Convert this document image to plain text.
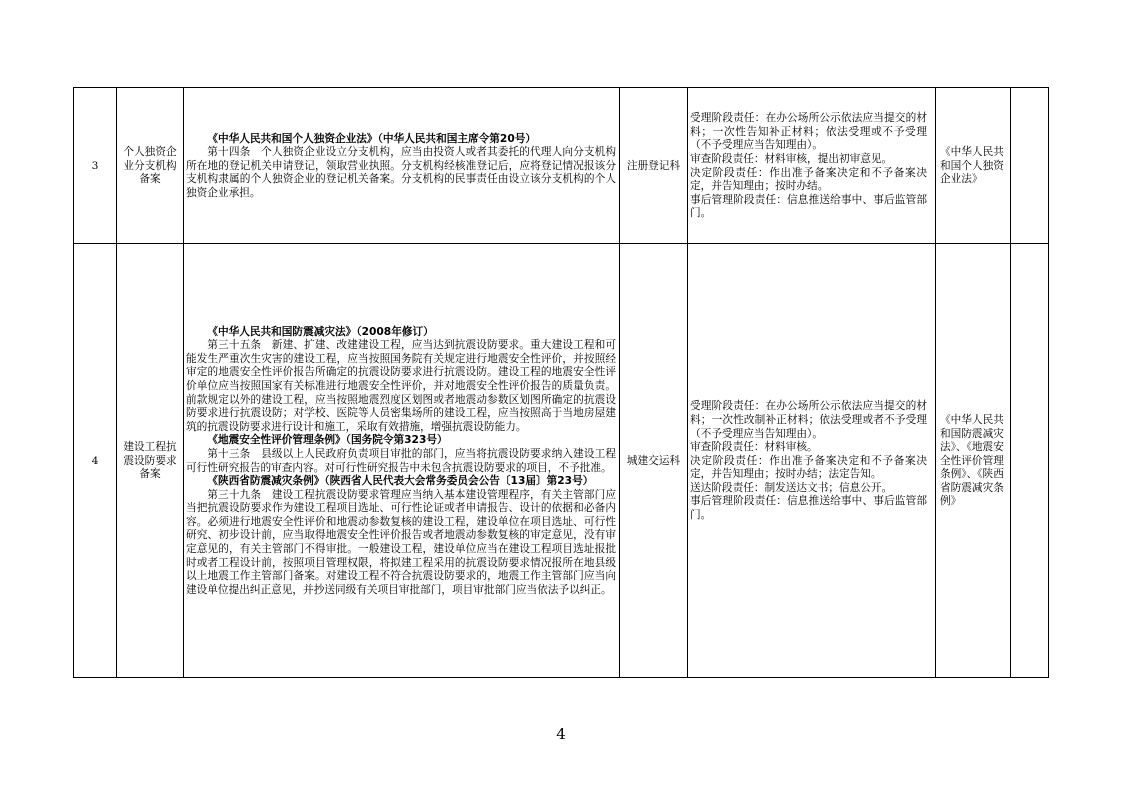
3
个人独资企业分支机构备案
《中华人民共和国个人独资企业法》（中华人民共和国主席令第20号）
第十四条　个人独资企业设立分支机构，应当由投资人或者其委托的代理人向分支机构所在地的登记机关申请登记，领取营业执照。分支机构经核准登记后，应将登记情况报该分支机构隶属的个人独资企业的登记机关备案。分支机构的民事责任由设立该分支机构的个人独资企业承担。
注册登记科
受理阶段责任：在办公场所公示依法应当提交的材料；一次性告知补正材料；依法受理或不予受理（不予受理应当告知理由）。
审查阶段责任：材料审核，提出初审意见。
决定阶段责任：作出准予备案决定和不予备案决定，并告知理由；按时办结。
事后管理阶段责任：信息推送给事中、事后监管部门。
《中华人民共和国个人独资企业法》
4
建设工程抗震设防要求备案
《中华人民共和国防震减灾法》（2008年修订）
第三十五条　新建、扩建、改建建设工程，应当达到抗震设防要求。重大建设工程和可能发生严重次生灾害的建设工程，应当按照国务院有关规定进行地震安全性评价，并按照经审定的地震安全性评价报告所确定的抗震设防要求进行抗震设防。建设工程的地震安全性评价单位应当按照国家有关标准进行地震安全性评价，并对地震安全性评价报告的质量负责。前款规定以外的建设工程，应当按照地震烈度区划图或者地震动参数区划图所确定的抗震设防要求进行抗震设防；对学校、医院等人员密集场所的建设工程，应当按照高于当地房屋建筑的抗震设防要求进行设计和施工，采取有效措施，增强抗震设防能力。
《地震安全性评价管理条例》（国务院令第323号）
第十三条　县级以上人民政府负责项目审批的部门，应当将抗震设防要求纳入建设工程可行性研究报告的审查内容。对可行性研究报告中未包含抗震设防要求的项目，不予批准。
《陕西省防震减灾条例》（陕西省人民代表大会常务委员会公告〔13届〕第23号）
第三十九条　建设工程抗震设防要求管理应当纳入基本建设管理程序，有关主管部门应当把抗震设防要求作为建设工程项目选址、可行性论证或者申请报告、设计的依据和必备内容。必须进行地震安全性评价和地震动参数复核的建设工程，建设单位在项目选址、可行性研究、初步设计前，应当取得地震安全性评价报告或者地震动参数复核的审定意见，没有审定意见的，有关主管部门不得审批。一般建设工程，建设单位应当在建设工程项目选址报批时或者工程设计前，按照项目管理权限，将拟建工程采用的抗震设防要求情况报所在地县级以上地震工作主管部门备案。对建设工程不符合抗震设防要求的，地震工作主管部门应当向建设单位提出纠正意见，并抄送同级有关项目审批部门，项目审批部门应当依法予以纠正。
城建交运科
受理阶段责任：在办公场所公示依法应当提交的材料；一次性改制补正材料；依法受理或者不予受理（不予受理应当告知理由）。
审查阶段责任：材料审核。
决定阶段责任：作出准予备案决定和不予备案决定，并告知理由；按时办结；法定告知。
送达阶段责任：制发送达文书；信息公开。
事后管理阶段责任：信息推送给事中、事后监管部门。
《中华人民共和国防震减灾法》、《地震安全性评价管理条例》、《陕西省防震减灾条例》
4
